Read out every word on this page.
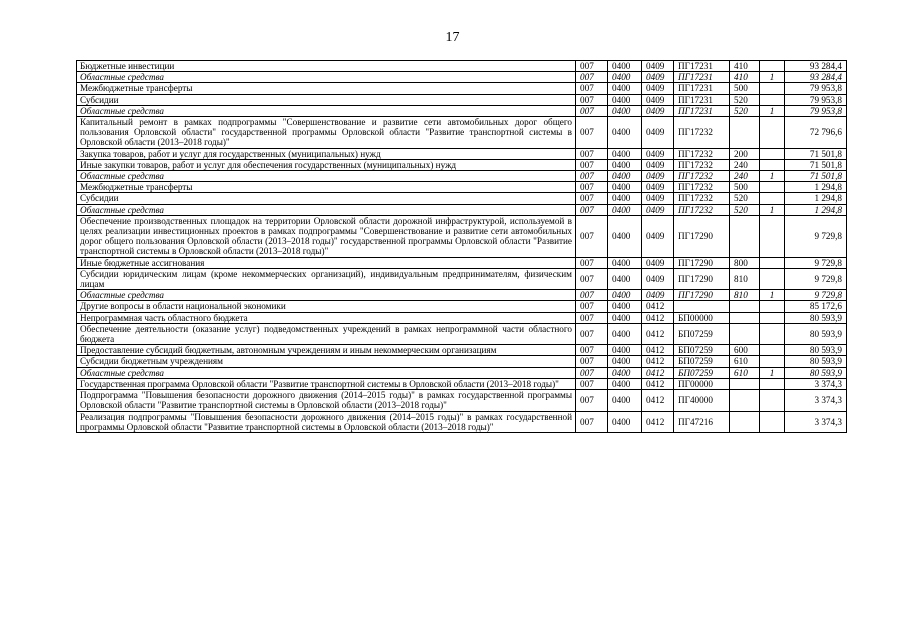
17
Бюджетные инвестиции	007	0400	0409	ПГ17231	410		93 284,4
Областные средства	007	0400	0409	ПГ17231	410	1	93 284,4
Межбюджетные трансферты	007	0400	0409	ПГ17231	500		79 953,8
Субсидии	007	0400	0409	ПГ17231	520		79 953,8
Областные средства	007	0400	0409	ПГ17231	520	1	79 953,8
Капитальный ремонт в рамках подпрограммы "Совершенствование и развитие сети автомобильных дорог общего пользования Орловской области" государственной программы Орловской области "Развитие транспортной системы в Орловской области (2013–2018 годы)"	007	0400	0409	ПГ17232			72 796,6
Закупка товаров, работ и услуг для государственных (муниципальных) нужд	007	0400	0409	ПГ17232	200		71 501,8
Иные закупки товаров, работ и услуг для обеспечения государственных (муниципальных) нужд	007	0400	0409	ПГ17232	240		71 501,8
Областные средства	007	0400	0409	ПГ17232	240	1	71 501,8
Межбюджетные трансферты	007	0400	0409	ПГ17232	500		1 294,8
Субсидии	007	0400	0409	ПГ17232	520		1 294,8
Областные средства	007	0400	0409	ПГ17232	520	1	1 294,8
Обеспечение производственных площадок на территории Орловской области дорожной инфраструктурой, используемой в целях реализации инвестиционных проектов в рамках подпрограммы "Совершенствование и развитие сети автомобильных дорог общего пользования Орловской области (2013–2018 годы)" государственной программы Орловской области "Развитие транспортной системы в Орловской области (2013–2018 годы)"	007	0400	0409	ПГ17290			9 729,8
Иные бюджетные ассигнования	007	0400	0409	ПГ17290	800		9 729,8
Субсидии юридическим лицам (кроме некоммерческих организаций), индивидуальным предпринимателям, физическим лицам	007	0400	0409	ПГ17290	810		9 729,8
Областные средства	007	0400	0409	ПГ17290	810	1	9 729,8
Другие вопросы в области национальной экономики	007	0400	0412				85 172,6
Непрограммная часть областного бюджета	007	0400	0412	БП00000			80 593,9
Обеспечение деятельности (оказание услуг) подведомственных учреждений в рамках непрограммной части областного бюджета	007	0400	0412	БП07259			80 593,9
Предоставление субсидий бюджетным, автономным учреждениям и иным некоммерческим организациям	007	0400	0412	БП07259	600		80 593,9
Субсидии бюджетным учреждениям	007	0400	0412	БП07259	610		80 593,9
Областные средства	007	0400	0412	БП07259	610	1	80 593,9
Государственная программа Орловской области "Развитие транспортной системы в Орловской области (2013–2018 годы)"	007	0400	0412	ПГ00000			3 374,3
Подпрограмма "Повышения безопасности дорожного движения (2014–2015 годы)" в рамках государственной программы Орловской области "Развитие транспортной системы в Орловской области (2013–2018 годы)"	007	0400	0412	ПГ40000			3 374,3
Реализация подпрограммы "Повышения безопасности дорожного движения (2014–2015 годы)" в рамках государственной программы Орловской области "Развитие транспортной системы в Орловской области (2013–2018 годы)"	007	0400	0412	ПГ47216			3 374,3
